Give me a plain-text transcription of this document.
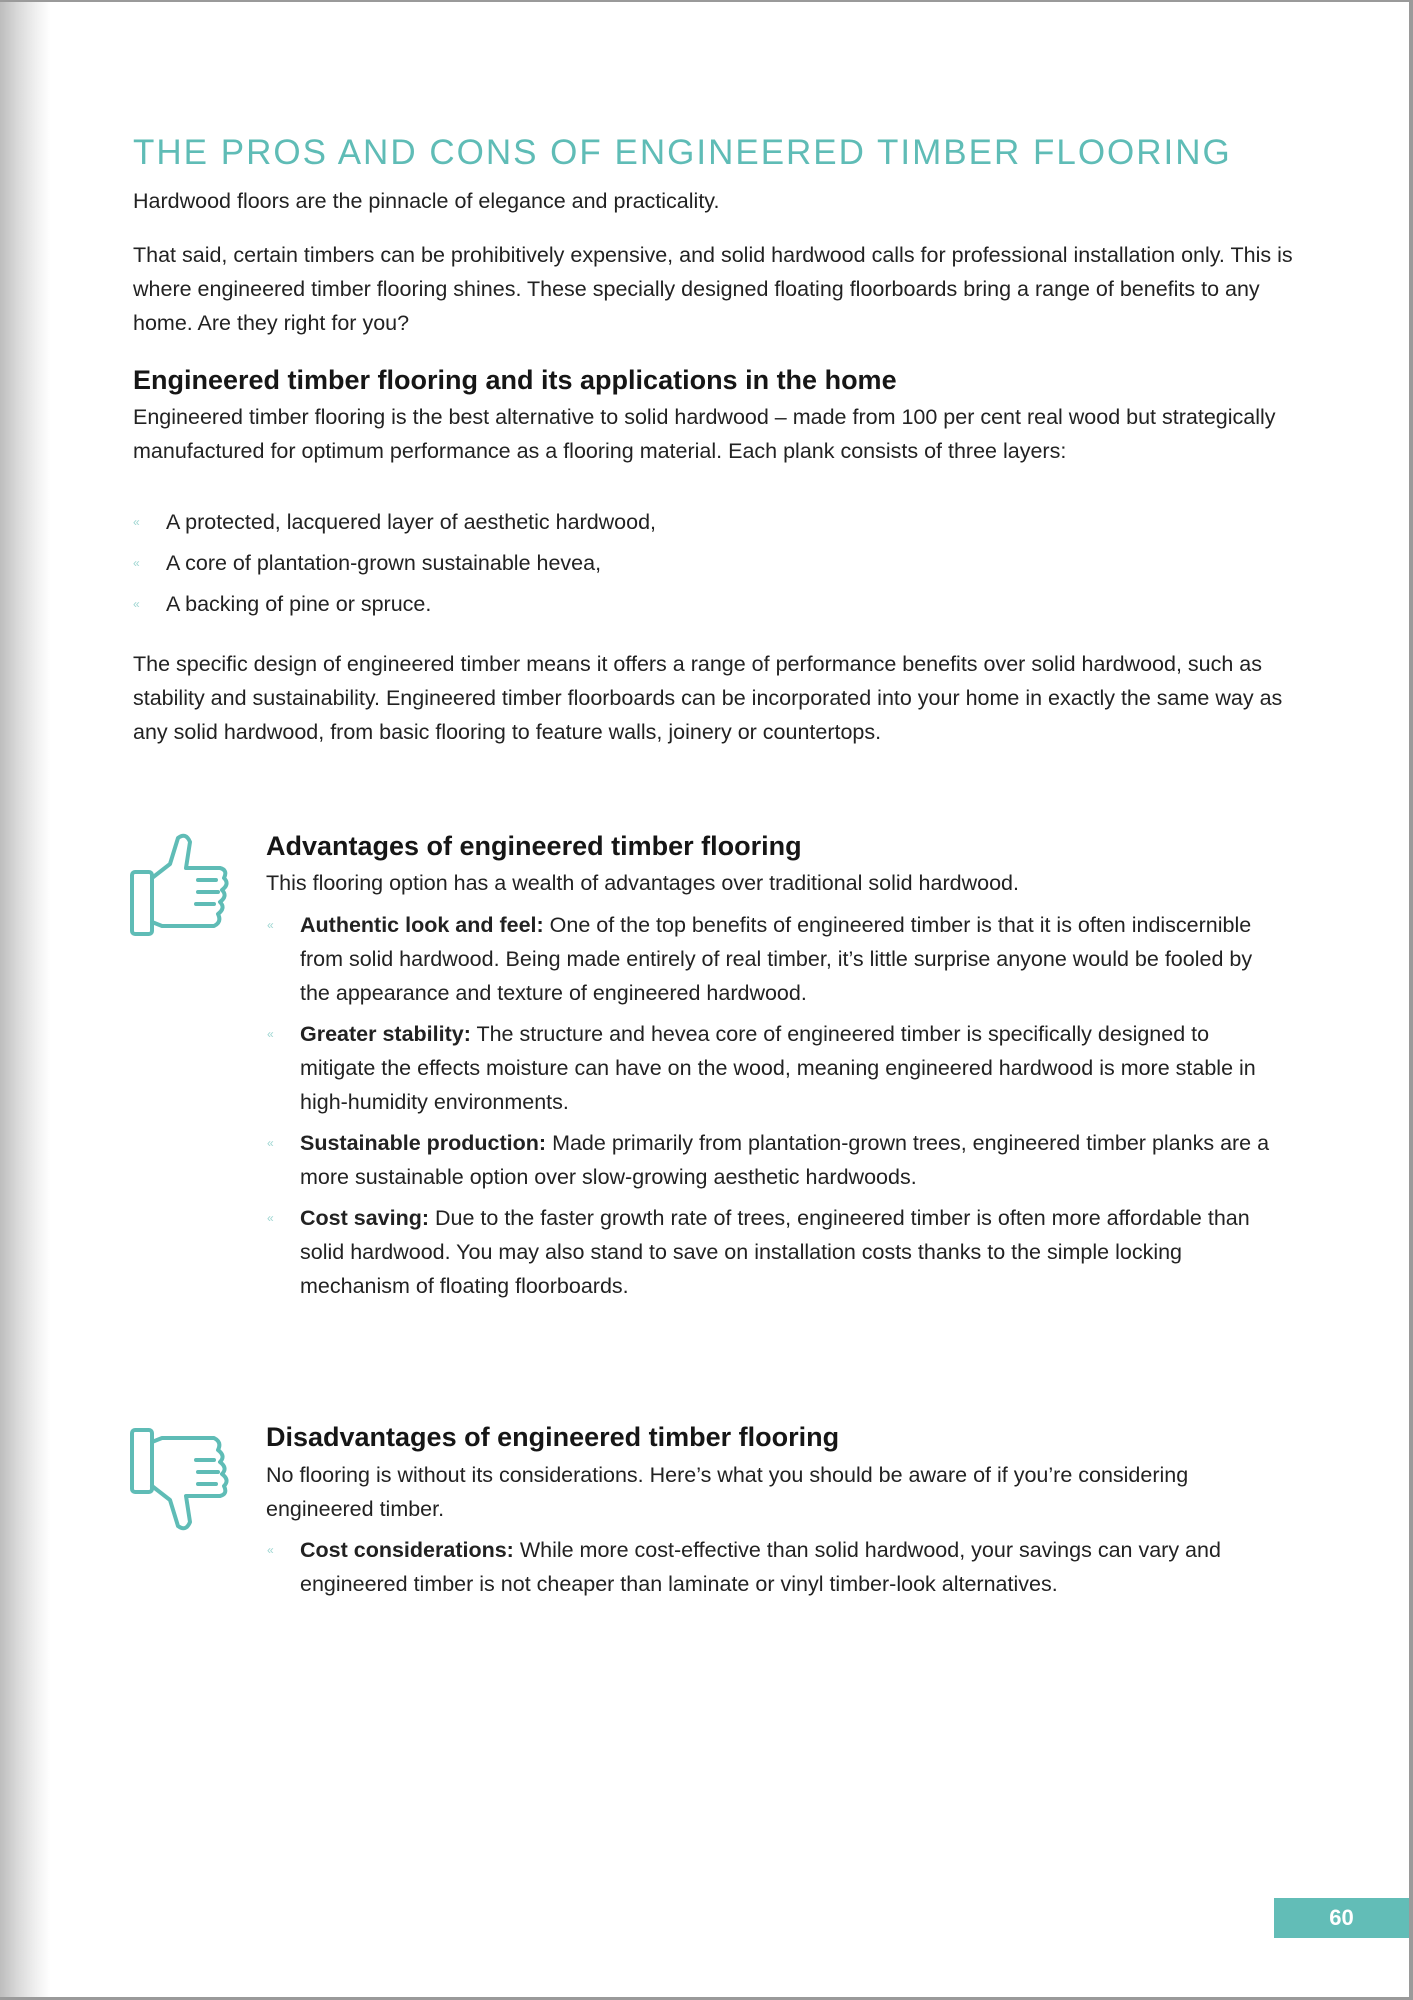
THE PROS AND CONS OF ENGINEERED TIMBER FLOORING

Hardwood floors are the pinnacle of elegance and practicality.

That said, certain timbers can be prohibitively expensive, and solid hardwood calls for professional installation only. This is where engineered timber flooring shines. These specially designed floating floorboards bring a range of benefits to any home. Are they right for you?

Engineered timber flooring and its applications in the home

Engineered timber flooring is the best alternative to solid hardwood – made from 100 per cent real wood but strategically manufactured for optimum performance as a flooring material. Each plank consists of three layers:

« A protected, lacquered layer of aesthetic hardwood,
« A core of plantation-grown sustainable hevea,
« A backing of pine or spruce.

The specific design of engineered timber means it offers a range of performance benefits over solid hardwood, such as stability and sustainability. Engineered timber floorboards can be incorporated into your home in exactly the same way as any solid hardwood, from basic flooring to feature walls, joinery or countertops.

Advantages of engineered timber flooring

This flooring option has a wealth of advantages over traditional solid hardwood.

« Authentic look and feel: One of the top benefits of engineered timber is that it is often indiscernible from solid hardwood. Being made entirely of real timber, it’s little surprise anyone would be fooled by the appearance and texture of engineered hardwood.
« Greater stability: The structure and hevea core of engineered timber is specifically designed to mitigate the effects moisture can have on the wood, meaning engineered hardwood is more stable in high-humidity environments.
« Sustainable production: Made primarily from plantation-grown trees, engineered timber planks are a more sustainable option over slow-growing aesthetic hardwoods.
« Cost saving: Due to the faster growth rate of trees, engineered timber is often more affordable than solid hardwood. You may also stand to save on installation costs thanks to the simple locking mechanism of floating floorboards.
Disadvantages of engineered timber flooring

No flooring is without its considerations. Here’s what you should be aware of if you’re considering engineered timber.

« Cost considerations: While more cost-effective than solid hardwood, your savings can vary and engineered timber is not cheaper than laminate or vinyl timber-look alternatives.
60
